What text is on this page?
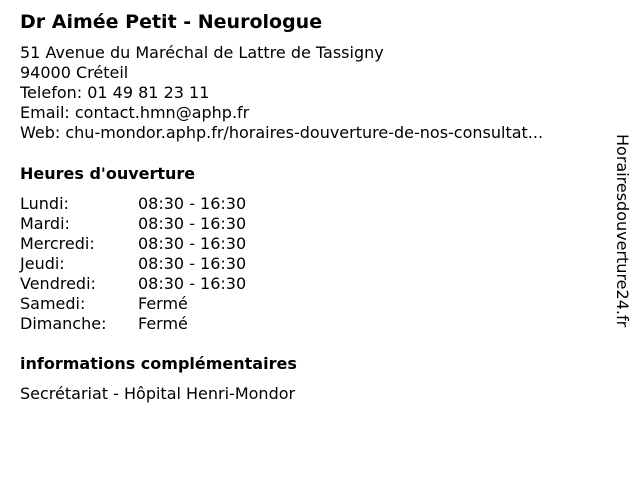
Dr Aimée Petit - Neurologue
51 Avenue du Maréchal de Lattre de Tassigny
94000 Créteil
Telefon: 01 49 81 23 11
Email: contact.hmn@aphp.fr
Web: chu-mondor.aphp.fr/horaires-douverture-de-nos-consultat...
Heures d'ouverture
Lundi:	08:30 - 16:30
Mardi:	08:30 - 16:30
Mercredi:	08:30 - 16:30
Jeudi:	08:30 - 16:30
Vendredi:	08:30 - 16:30
Samedi:	Fermé
Dimanche:	Fermé
informations complémentaires
Secrétariat - Hôpital Henri-Mondor
Horairesdouverture24.fr
